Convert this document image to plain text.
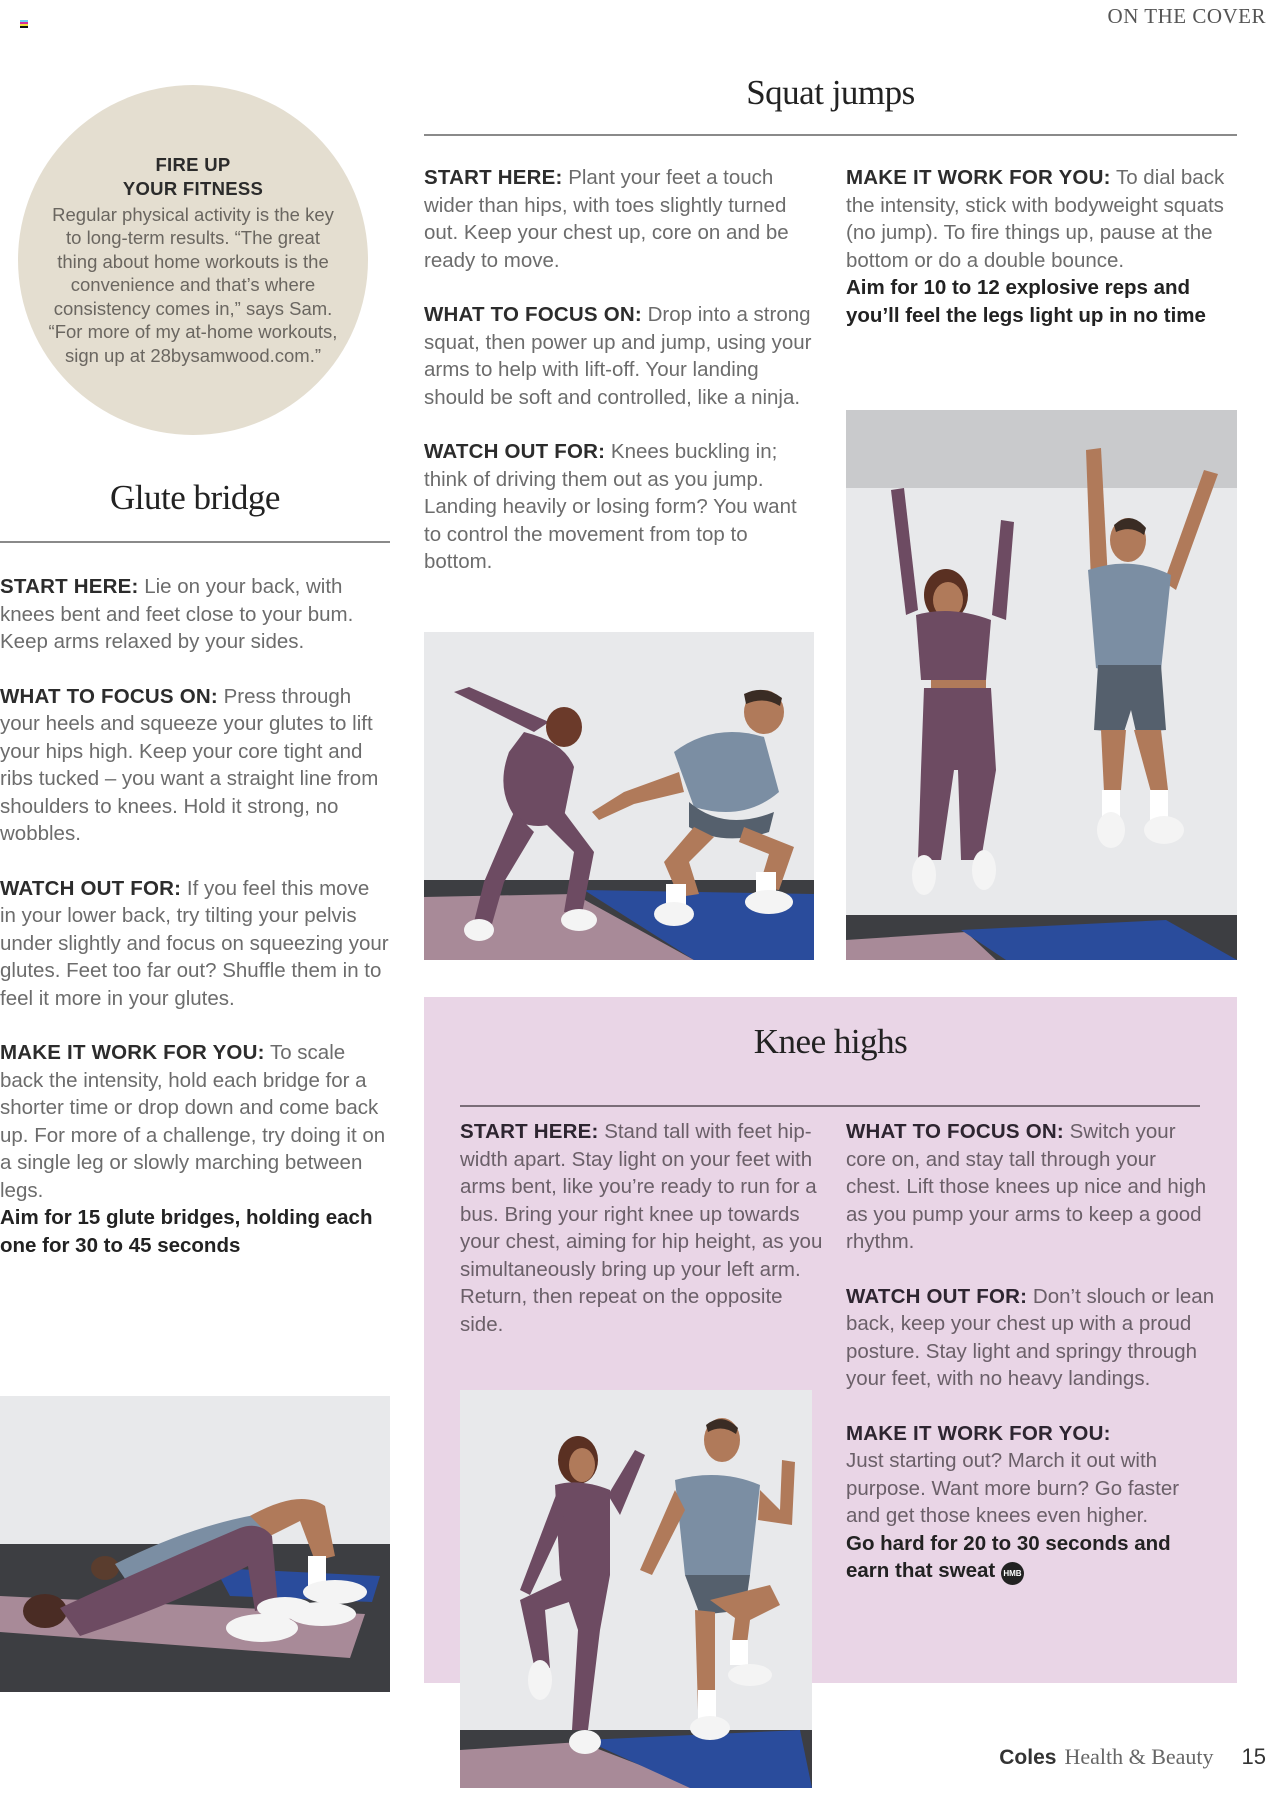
ON THE COVER
FIRE UP
YOUR FITNESS
Regular physical activity is the key to long-term results. “The great thing about home workouts is the convenience and that’s where consistency comes in,” says Sam. “For more of my at-home workouts, sign up at 28bysamwood.com.”
Glute bridge

START HERE: Lie on your back, with knees bent and feet close to your bum. Keep arms relaxed by your sides.

WHAT TO FOCUS ON: Press through your heels and squeeze your glutes to lift your hips high. Keep your core tight and ribs tucked – you want a straight line from shoulders to knees. Hold it strong, no wobbles.

WATCH OUT FOR: If you feel this move in your lower back, try tilting your pelvis under slightly and focus on squeezing your glutes. Feet too far out? Shuffle them in to feel it more in your glutes.

MAKE IT WORK FOR YOU: To scale back the intensity, hold each bridge for a shorter time or drop down and come back up. For more of a challenge, try doing it on a single leg or slowly marching between legs.
Aim for 15 glute bridges, holding each one for 30 to 45 seconds

Squat jumps

START HERE: Plant your feet a touch wider than hips, with toes slightly turned out. Keep your chest up, core on and be ready to move.

WHAT TO FOCUS ON: Drop into a strong squat, then power up and jump, using your arms to help with lift-off. Your landing should be soft and controlled, like a ninja.

WATCH OUT FOR: Knees buckling in; think of driving them out as you jump. Landing heavily or losing form? You want to control the movement from top to bottom.

MAKE IT WORK FOR YOU: To dial back the intensity, stick with bodyweight squats (no jump). To fire things up, pause at the bottom or do a double bounce.
Aim for 10 to 12 explosive reps and you’ll feel the legs light up in no time

Knee highs

START HERE: Stand tall with feet hip-width apart. Stay light on your feet with arms bent, like you’re ready to run for a bus. Bring your right knee up towards your chest, aiming for hip height, as you simultaneously bring up your left arm. Return, then repeat on the opposite side.

WHAT TO FOCUS ON: Switch your core on, and stay tall through your chest. Lift those knees up nice and high as you pump your arms to keep a good rhythm.

WATCH OUT FOR: Don’t slouch or lean back, keep your chest up with a proud posture. Stay light and springy through your feet, with no heavy landings.

MAKE IT WORK FOR YOU:
Just starting out? March it out with purpose. Want more burn? Go faster and get those knees even higher.
Go hard for 20 to 30 seconds and earn that sweat HMB

Coles Health & Beauty 15
